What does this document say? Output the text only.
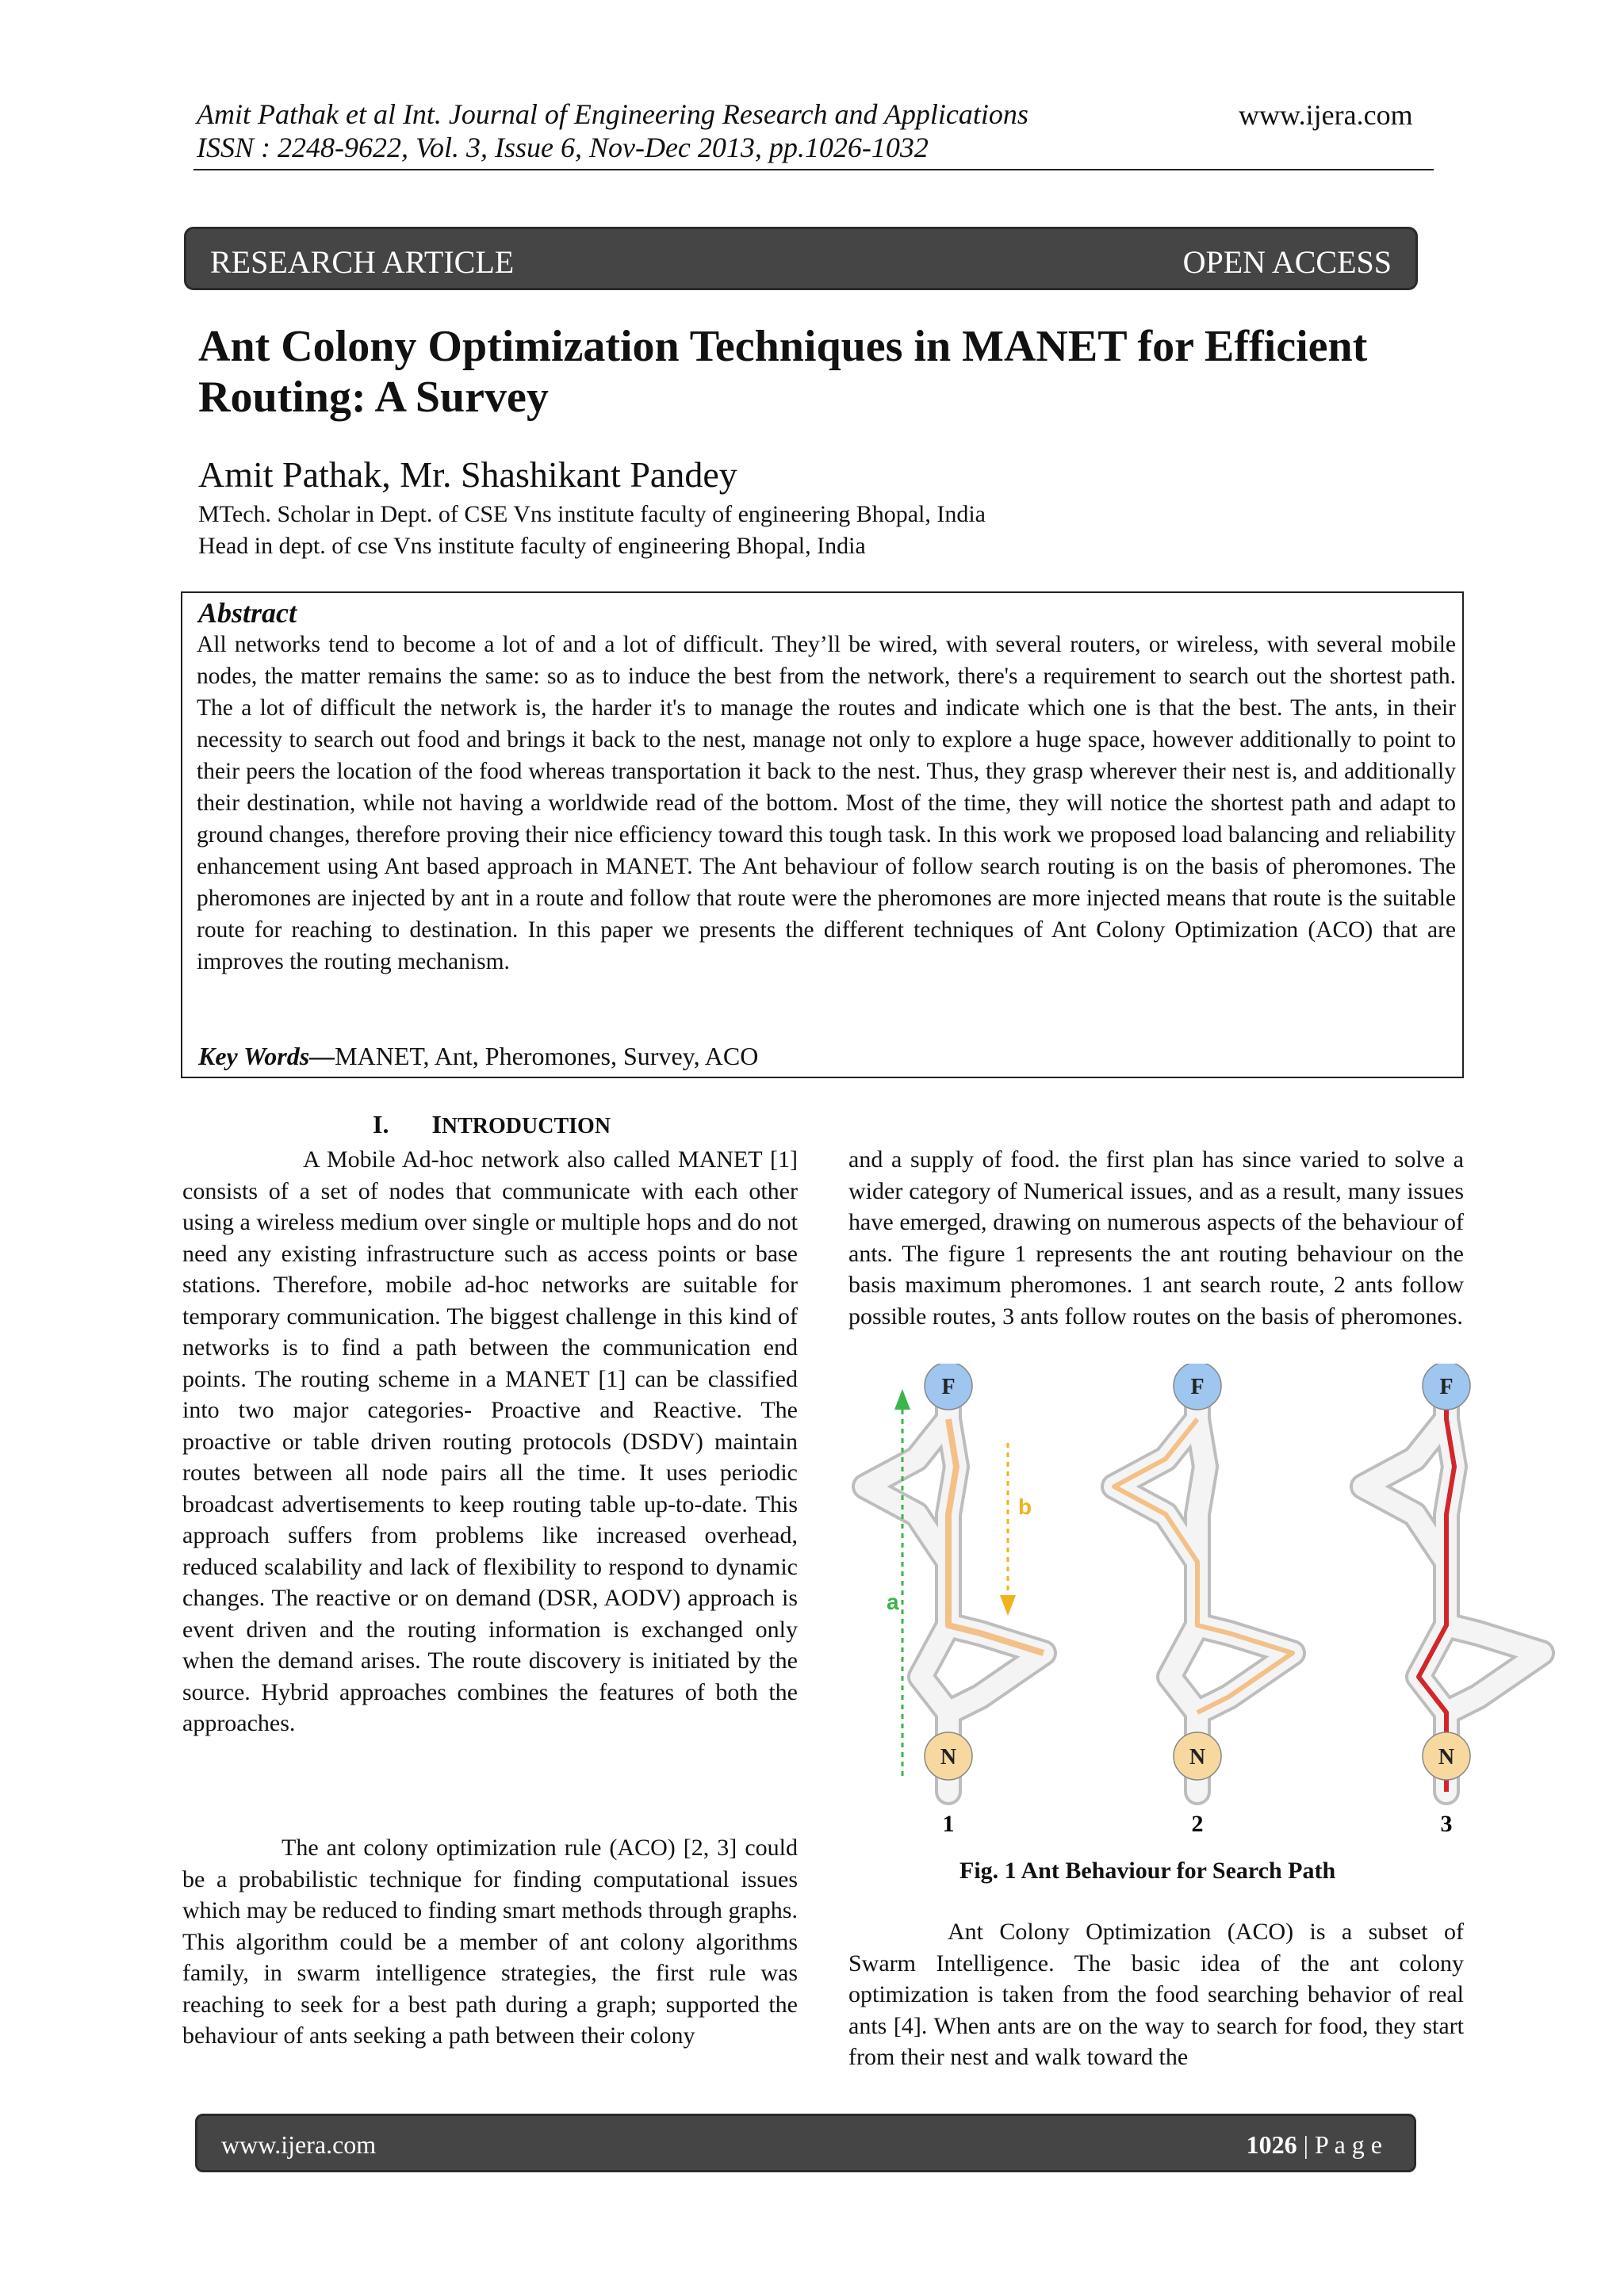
Amit Pathak et al Int. Journal of Engineering Research and Applications	www.ijera.com
ISSN : 2248-9622, Vol. 3, Issue 6, Nov-Dec 2013, pp.1026-1032
RESEARCH ARTICLE	OPEN ACCESS
Ant Colony Optimization Techniques in MANET for Efficient Routing: A Survey
Amit Pathak, Mr. Shashikant Pandey
MTech. Scholar in Dept. of CSE Vns institute faculty of engineering Bhopal, India
Head in dept. of cse Vns institute faculty of engineering Bhopal, India
Abstract

All networks tend to become a lot of and a lot of difficult. They’ll be wired, with several routers, or wireless, with several mobile nodes, the matter remains the same: so as to induce the best from the network, there's a requirement to search out the shortest path. The a lot of difficult the network is, the harder it's to manage the routes and indicate which one is that the best. The ants, in their necessity to search out food and brings it back to the nest, manage not only to explore a huge space, however additionally to point to their peers the location of the food whereas transportation it back to the nest. Thus, they grasp wherever their nest is, and additionally their destination, while not having a worldwide read of the bottom. Most of the time, they will notice the shortest path and adapt to ground changes, therefore proving their nice efficiency toward this tough task. In this work we proposed load balancing and reliability enhancement using Ant based approach in MANET. The Ant behaviour of follow search routing is on the basis of pheromones. The pheromones are injected by ant in a route and follow that route were the pheromones are more injected means that route is the suitable route for reaching to destination. In this paper we presents the different techniques of Ant Colony Optimization (ACO) that are improves the routing mechanism.

Key Words—MANET, Ant, Pheromones, Survey, ACO
I. INTRODUCTION

A Mobile Ad-hoc network also called MANET [1] consists of a set of nodes that communicate with each other using a wireless medium over single or multiple hops and do not need any existing infrastructure such as access points or base stations. Therefore, mobile ad-hoc networks are suitable for temporary communication. The biggest challenge in this kind of networks is to find a path between the communication end points. The routing scheme in a MANET [1] can be classified into two major categories- Proactive and Reactive. The proactive or table driven routing protocols (DSDV) maintain routes between all node pairs all the time. It uses periodic broadcast advertisements to keep routing table up-to-date. This approach suffers from problems like increased overhead, reduced scalability and lack of flexibility to respond to dynamic changes. The reactive or on demand (DSR, AODV) approach is event driven and the routing information is exchanged only when the demand arises. The route discovery is initiated by the source. Hybrid approaches combines the features of both the approaches.

The ant colony optimization rule (ACO) [2, 3] could be a probabilistic technique for finding computational issues which may be reduced to finding smart methods through graphs. This algorithm could be a member of ant colony algorithms family, in swarm intelligence strategies, the first rule was reaching to seek for a best path during a graph; supported the behaviour of ants seeking a path between their colony

and a supply of food. the first plan has since varied to solve a wider category of Numerical issues, and as a result, many issues have emerged, drawing on numerous aspects of the behaviour of ants. The figure 1 represents the ant routing behaviour on the basis maximum pheromones. 1 ant search route, 2 ants follow possible routes, 3 ants follow routes on the basis of pheromones.

a
b
F
N
1
F
N
2
F
N
3
Fig. 1 Ant Behaviour for Search Path

Ant Colony Optimization (ACO) is a subset of Swarm Intelligence. The basic idea of the ant colony optimization is taken from the food searching behavior of real ants [4]. When ants are on the way to search for food, they start from their nest and walk toward the

www.ijera.com	1026 | P a g e
